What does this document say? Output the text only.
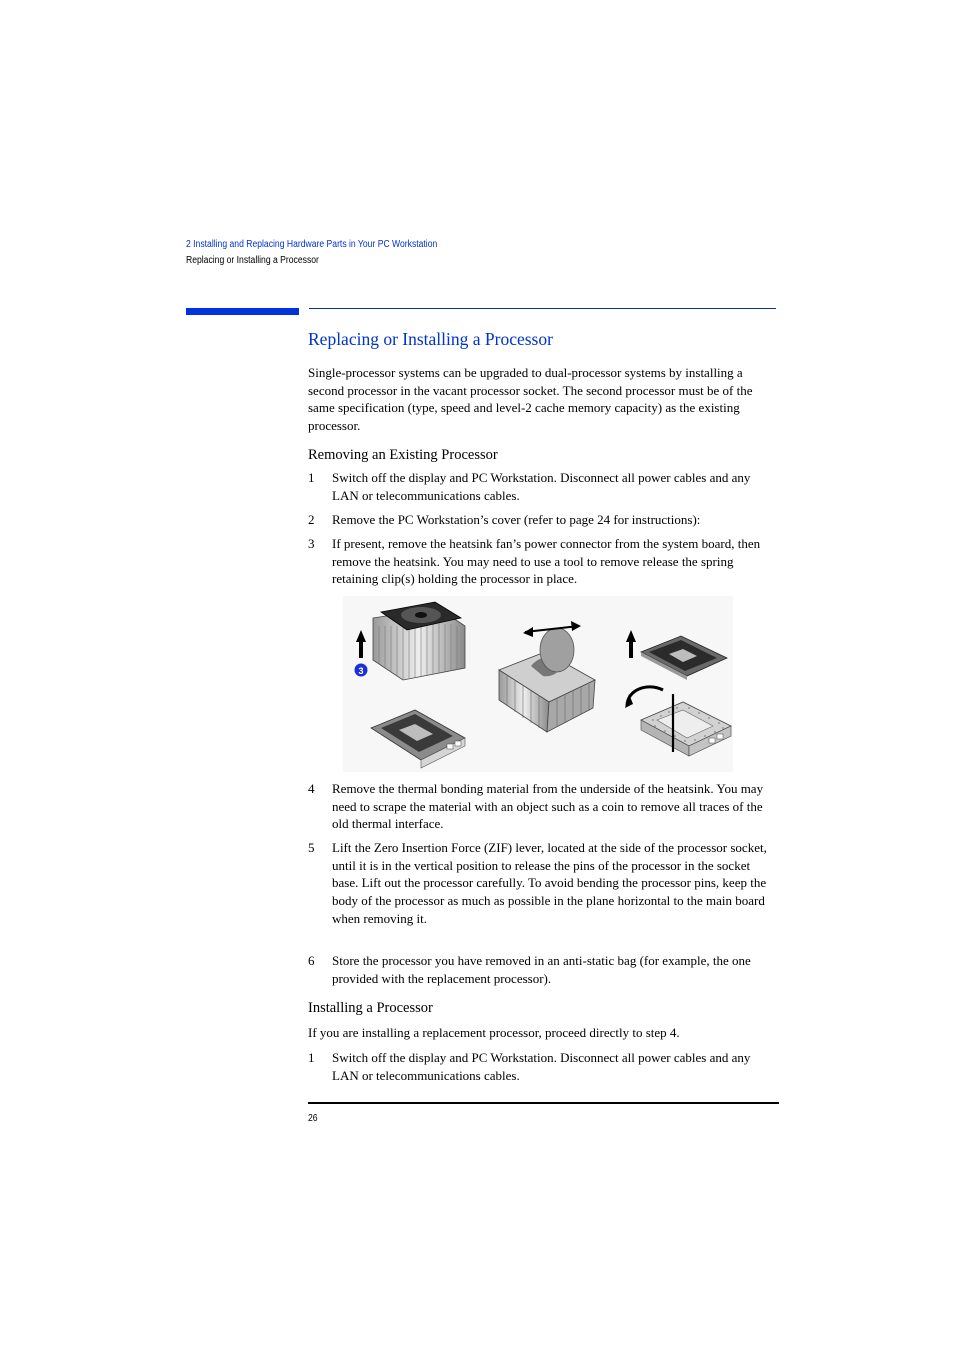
2 Installing and Replacing Hardware Parts in Your PC Workstation
Replacing or Installing a Processor
Replacing or Installing a Processor

Single-processor systems can be upgraded to dual-processor systems by installing a second processor in the vacant processor socket. The second processor must be of the same specification (type, speed and level-2 cache memory capacity) as the existing processor.

Removing an Existing Processor
1 Switch off the display and PC Workstation. Disconnect all power cables and any LAN or telecommunications cables.

2 Remove the PC Workstation’s cover (refer to page 24 for instructions):

3 If present, remove the heatsink fan’s power connector from the system board, then remove the heatsink. You may need to use a tool to remove release the spring retaining clip(s) holding the processor in place.

3
4 Remove the thermal bonding material from the underside of the heatsink. You may need to scrape the material with an object such as a coin to remove all traces of the old thermal interface.

5 Lift the Zero Insertion Force (ZIF) lever, located at the side of the processor socket, until it is in the vertical position to release the pins of the processor in the socket base. Lift out the processor carefully. To avoid bending the processor pins, keep the body of the processor as much as possible in the plane horizontal to the main board when removing it.

6 Store the processor you have removed in an anti-static bag (for example, the one provided with the replacement processor).

Installing a Processor

If you are installing a replacement processor, proceed directly to step 4.

1 Switch off the display and PC Workstation. Disconnect all power cables and any LAN or telecommunications cables.

26
